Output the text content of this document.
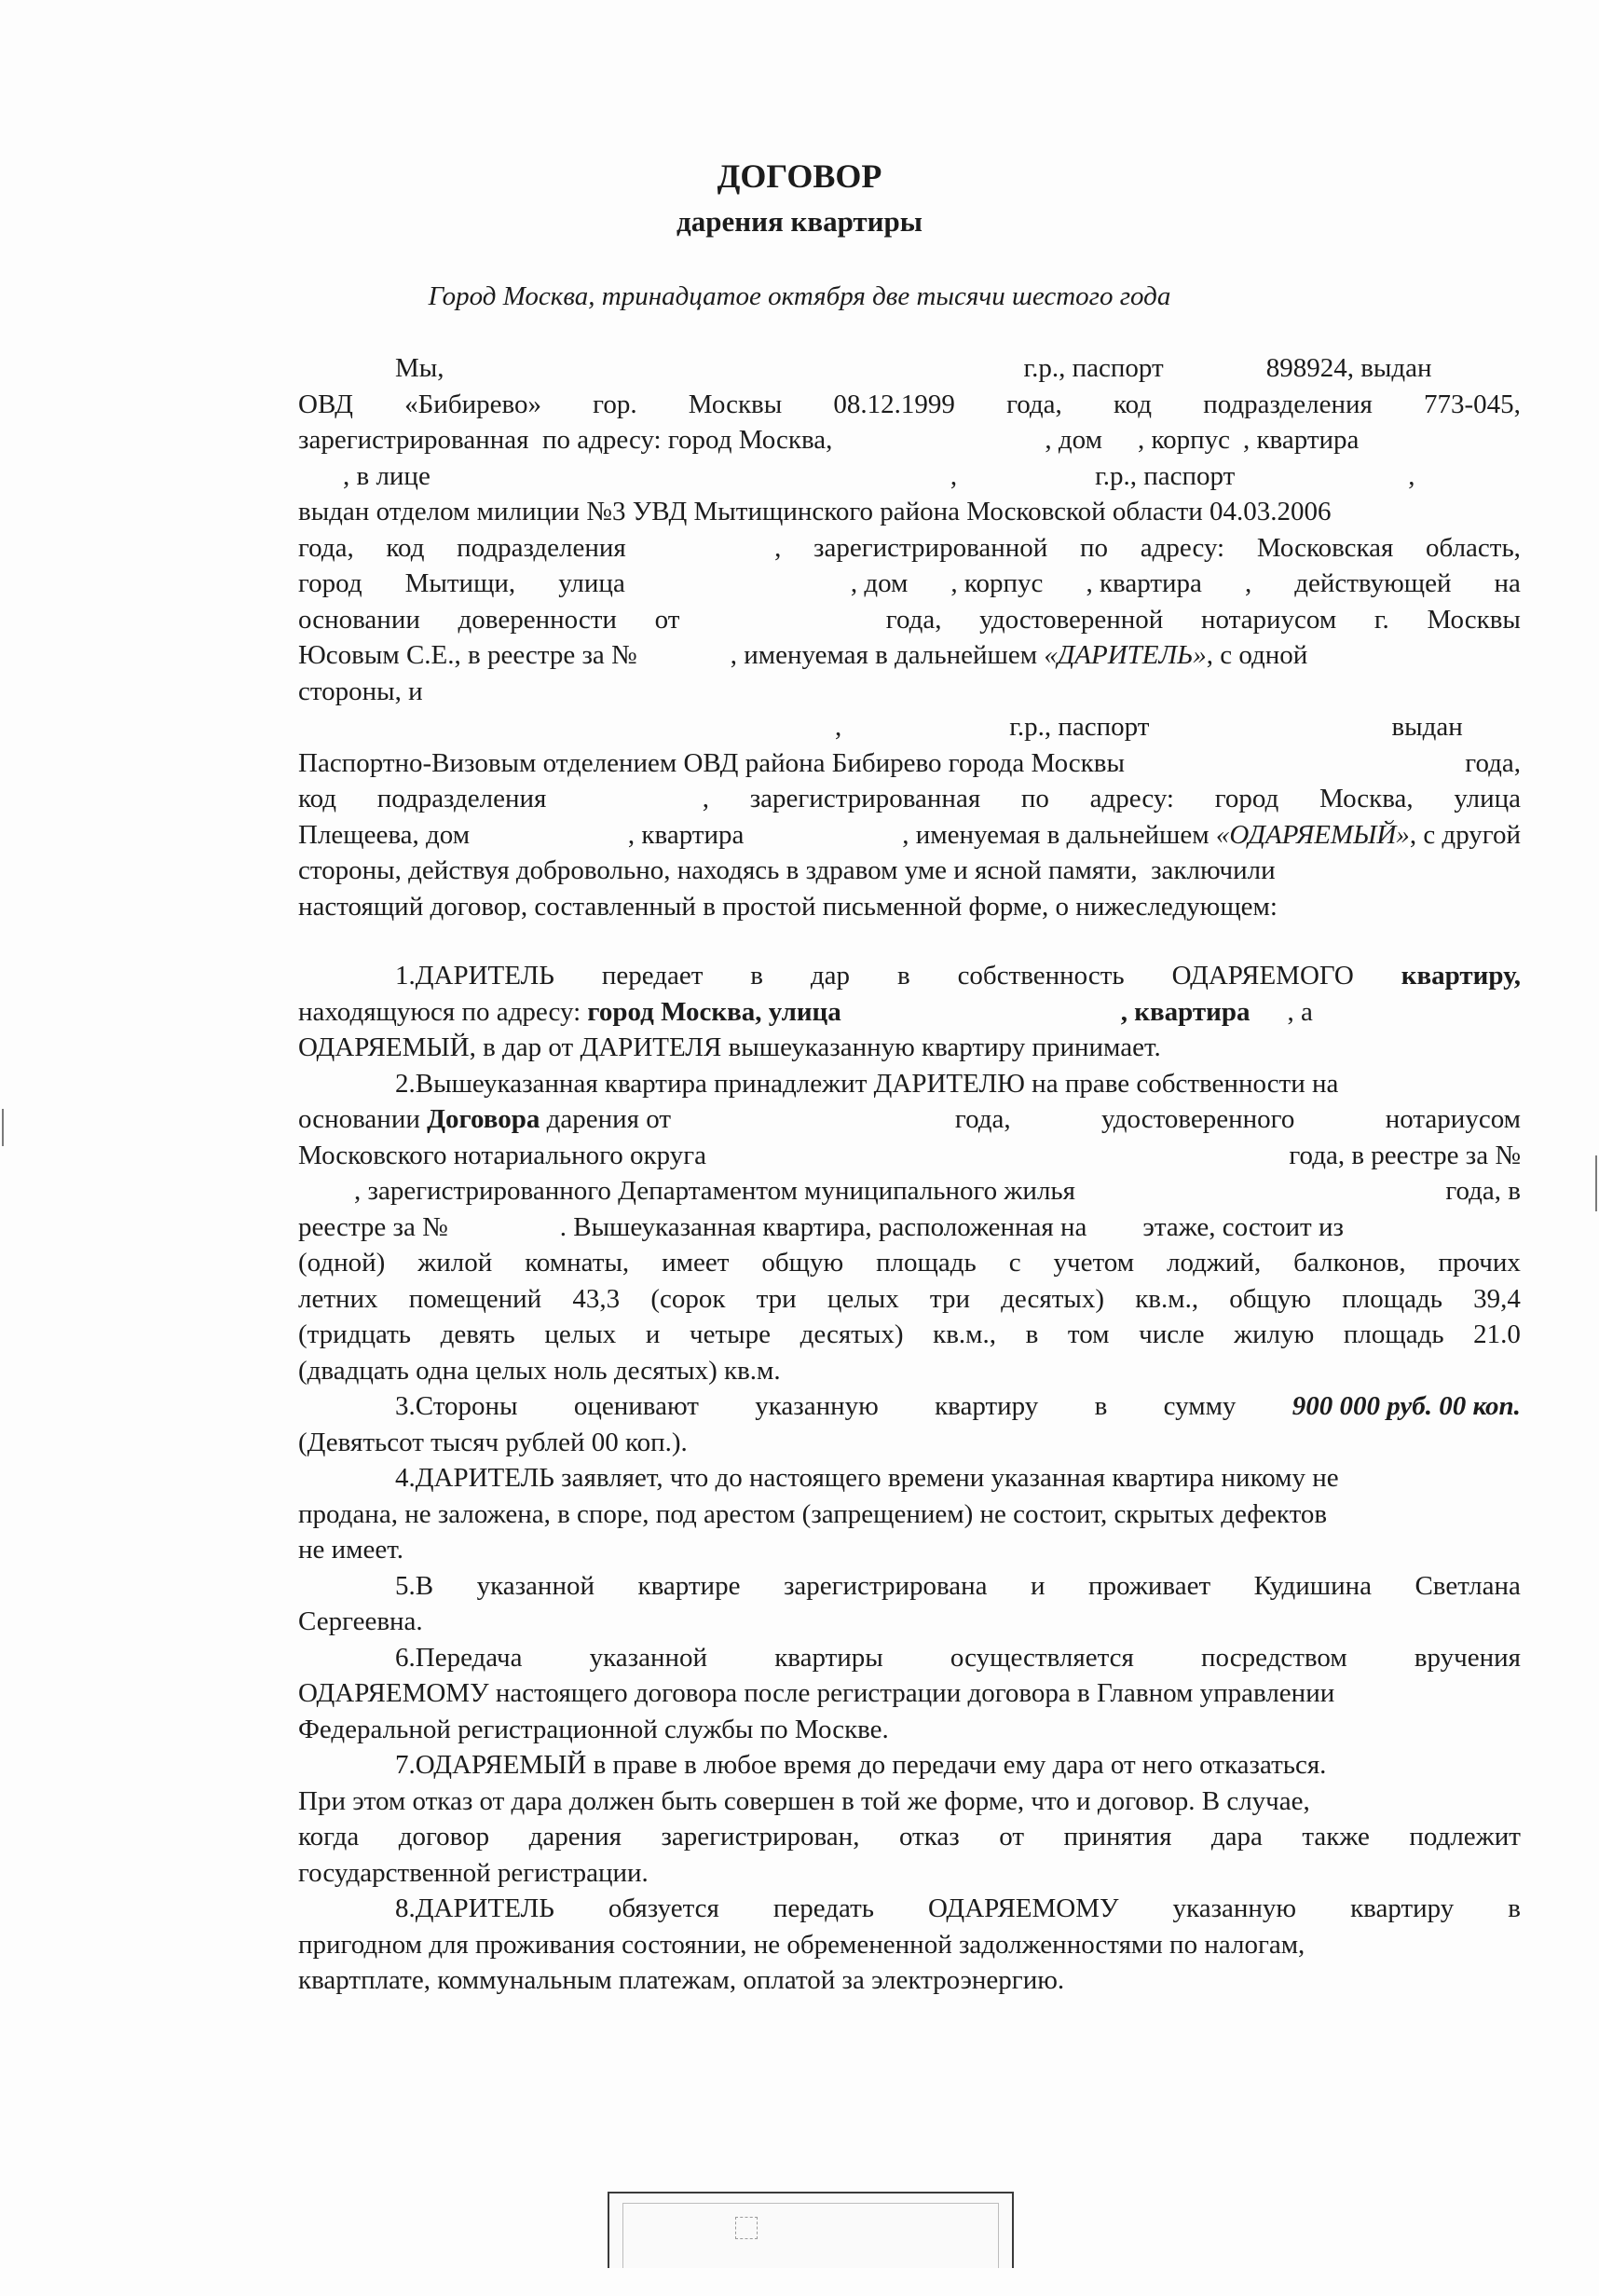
ДОГОВОР
дарения квартиры
Город Москва, тринадцатое октября две тысячи шестого года
Мы,	г.р., паспорт	898924, выдан
ОВД «Бибирево» гор. Москвы 08.12.1999 года, код подразделения 773-045,
зарегистрированная  по адресу: город Москва,	, дом , корпус , квартира
, в лице	,	г.р., паспорт	,
выдан отделом милиции №3 УВД Мытищинского района Московской области 04.03.2006
года, код подразделения	, зарегистрированной по адресу: Московская область,
город Мытищи, улица	, дом , корпус , квартира , действующей на
основании доверенности от	года, удостоверенной нотариусом г. Москвы
Юсовым С.Е., в реестре за №	, именуемая в дальнейшем «ДАРИТЕЛЬ» , с одной
стороны, и
,	г.р., паспорт	выдан
Паспортно-Визовым отделением ОВД района Бибирево города Москвы	года,
код подразделения	, зарегистрированная по адресу: город Москва, улица
Плещеева, дом	, квартира	, именуемая в дальнейшем «ОДАРЯЕМЫЙ», с другой
стороны, действуя добровольно, находясь в здравом уме и ясной памяти,  заключили
настоящий договор, составленный в простой письменной форме, о нижеследующем:
1.ДАРИТЕЛЬ передает в дар в собственность ОДАРЯЕМОГО квартиру,
находящуюся по адресу: город Москва, улица	, квартира , а
ОДАРЯЕМЫЙ, в дар от ДАРИТЕЛЯ вышеуказанную квартиру принимает.
2.Вышеуказанная квартира принадлежит ДАРИТЕЛЮ на праве собственности на
основании Договора дарения от	года,	удостоверенного	нотариусом
Московского нотариального округа	года, в реестре за №
, зарегистрированного Департаментом муниципального жилья	года, в
реестре за №	. Вышеуказанная квартира, расположенная на этаже, состоит из
(одной) жилой комнаты, имеет общую площадь с учетом лоджий, балконов, прочих
летних помещений 43,3 (сорок три целых три десятых) кв.м., общую площадь 39,4
(тридцать девять целых и четыре десятых) кв.м., в том числе жилую площадь 21.0
(двадцать одна целых ноль десятых) кв.м.
3.Стороны оценивают указанную квартиру в сумму 900 000 руб. 00 коп.
(Девятьсот тысяч рублей 00 коп.).
4.ДАРИТЕЛЬ заявляет, что до настоящего времени указанная квартира никому не
продана, не заложена, в споре, под арестом (запрещением) не состоит, скрытых дефектов
не имеет.
5.В указанной квартире зарегистрирована и проживает Кудишина Светлана
Сергеевна.
6.Передача указанной квартиры осуществляется посредством вручения
ОДАРЯЕМОМУ настоящего договора после регистрации договора в Главном управлении
Федеральной регистрационной службы по Москве.
7.ОДАРЯЕМЫЙ в праве в любое время до передачи ему дара от него отказаться.
При этом отказ от дара должен быть совершен в той же форме, что и договор. В случае,
когда договор дарения зарегистрирован, отказ от принятия дара также подлежит
государственной регистрации.
8.ДАРИТЕЛЬ обязуется передать ОДАРЯЕМОМУ указанную квартиру в
пригодном для проживания состоянии, не обремененной задолженностями по налогам,
квартплате, коммунальным платежам, оплатой за электроэнергию.
